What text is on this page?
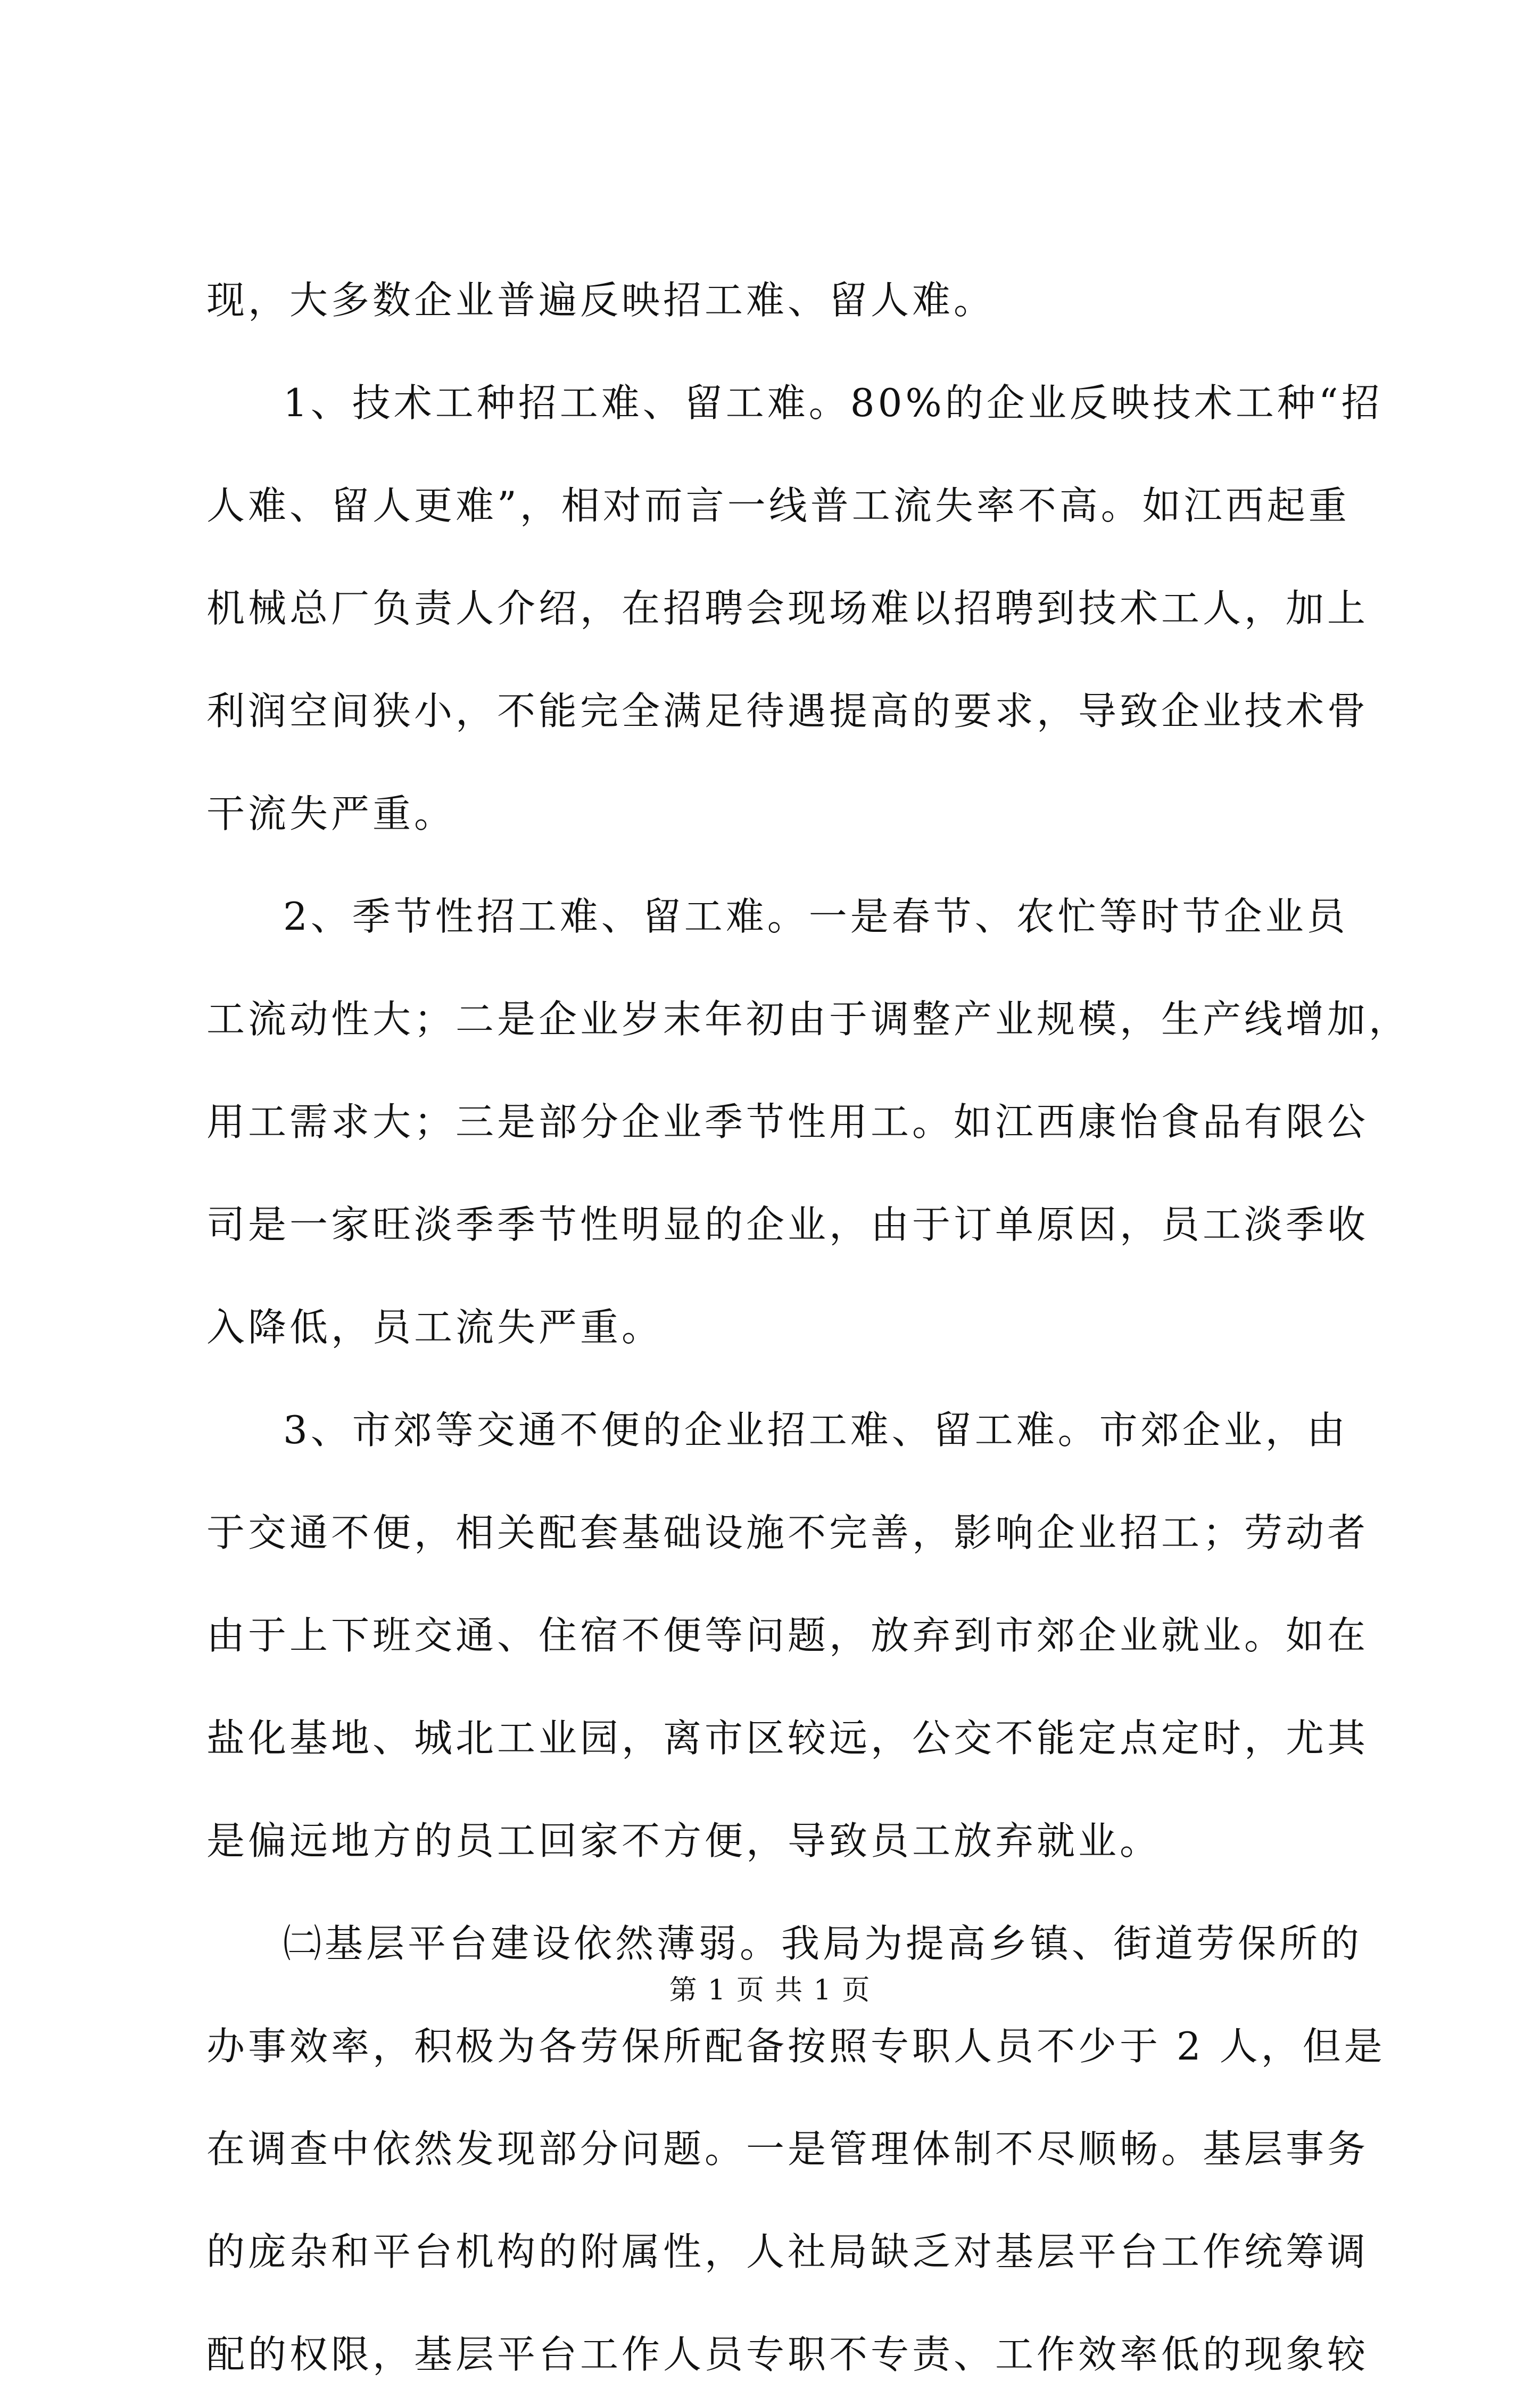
现，大多数企业普遍反映招工难、留人难。
1、技术工种招工难、留工难。80%的企业反映技术工种“招
人难、留人更难”，相对而言一线普工流失率不高。如江西起重
机械总厂负责人介绍，在招聘会现场难以招聘到技术工人，加上
利润空间狭小，不能完全满足待遇提高的要求，导致企业技术骨
干流失严重。
2、季节性招工难、留工难。一是春节、农忙等时节企业员
工流动性大；二是企业岁末年初由于调整产业规模，生产线增加，
用工需求大；三是部分企业季节性用工。如江西康怡食品有限公
司是一家旺淡季季节性明显的企业，由于订单原因，员工淡季收
入降低，员工流失严重。
3、市郊等交通不便的企业招工难、留工难。市郊企业，由
于交通不便，相关配套基础设施不完善，影响企业招工；劳动者
由于上下班交通、住宿不便等问题，放弃到市郊企业就业。如在
盐化基地、城北工业园，离市区较远，公交不能定点定时，尤其
是偏远地方的员工回家不方便，导致员工放弃就业。
㈡基层平台建设依然薄弱。我局为提高乡镇、街道劳保所的
办事效率，积极为各劳保所配备按照专职人员不少于 2 人，但是
在调查中依然发现部分问题。一是管理体制不尽顺畅。基层事务
的庞杂和平台机构的附属性，人社局缺乏对基层平台工作统筹调
配的权限，基层平台工作人员专职不专责、工作效率低的现象较
第 1 页 共 1 页
